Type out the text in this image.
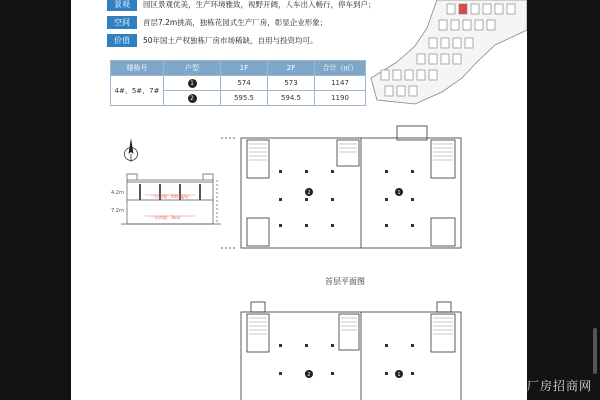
景观	园区景观优美，生产环境雅致，视野开阔，人车出入畅行，停车到户；
空间	首层7.2m挑高，独栋花园式生产厂房，彰显企业形象；
价值	50年国土产权独栋厂房市场稀缺，自用与投资均可。
楼栋号	户型	1F	2F	合计（㎡）
4#、5#、7#	1	574	573	1147
	2	595.5	594.5	1190
二层荷载：500kg/㎡
一层荷载：3t/㎡
4.2m
7.2m
2	1
首层平面图
2	1
厂房招商网
